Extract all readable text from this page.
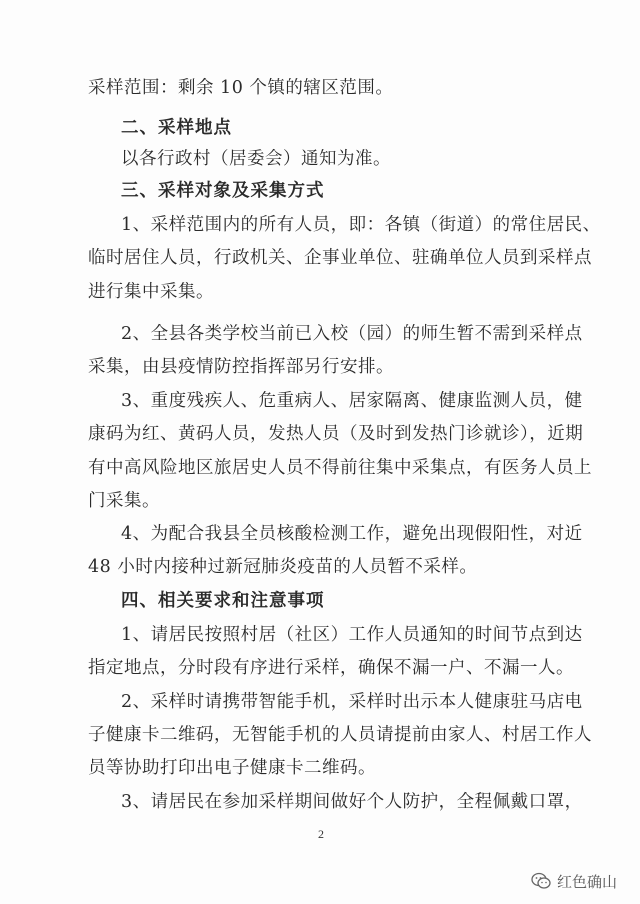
采样范围：剩余 10 个镇的辖区范围。
二、采样地点
以各行政村（居委会）通知为准。
三、采样对象及采集方式
1、采样范围内的所有人员，即：各镇（街道）的常住居民、
临时居住人员，行政机关、企事业单位、驻确单位人员到采样点
进行集中采集。
2、全县各类学校当前已入校（园）的师生暂不需到采样点
采集，由县疫情防控指挥部另行安排。
3、重度残疾人、危重病人、居家隔离、健康监测人员，健
康码为红、黄码人员，发热人员（及时到发热门诊就诊），近期
有中高风险地区旅居史人员不得前往集中采集点，有医务人员上
门采集。
4、为配合我县全员核酸检测工作，避免出现假阳性，对近
48 小时内接种过新冠肺炎疫苗的人员暂不采样。
四、相关要求和注意事项
1、请居民按照村居（社区）工作人员通知的时间节点到达
指定地点，分时段有序进行采样，确保不漏一户、不漏一人。
2、采样时请携带智能手机，采样时出示本人健康驻马店电
子健康卡二维码，无智能手机的人员请提前由家人、村居工作人
员等协助打印出电子健康卡二维码。
3、请居民在参加采样期间做好个人防护，全程佩戴口罩，
2
红色确山
